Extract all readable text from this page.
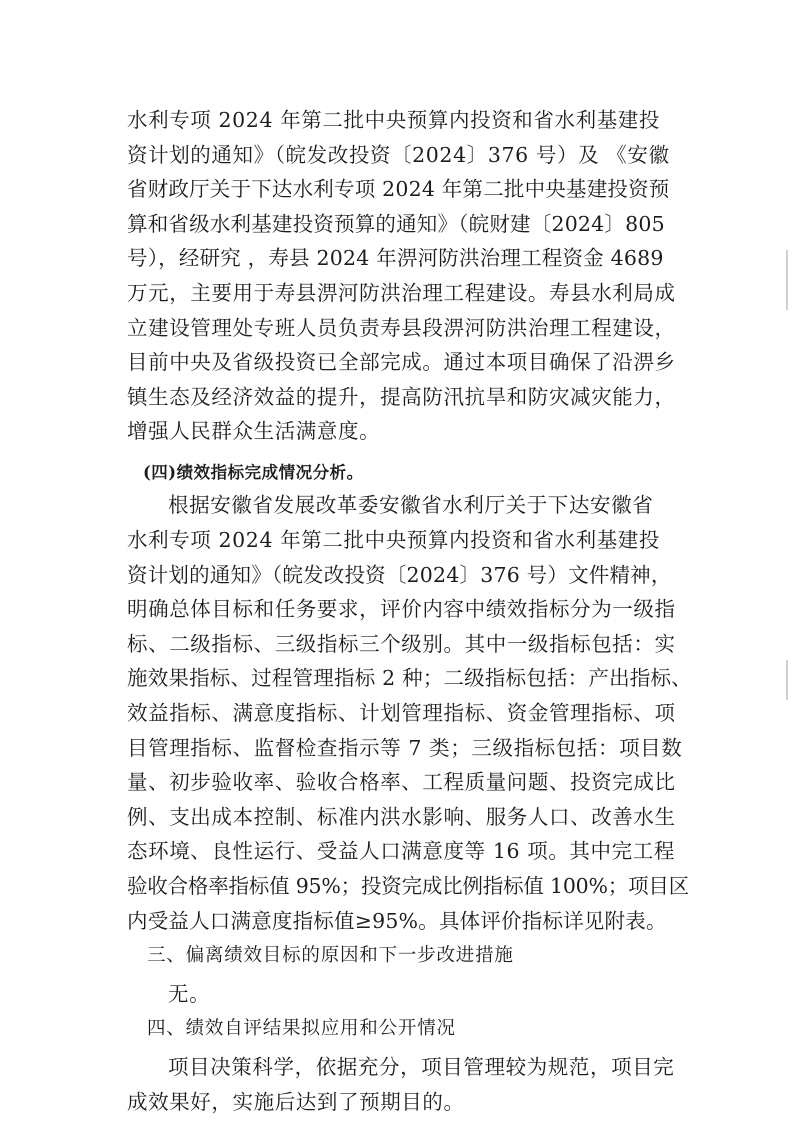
水利专项 2024 年第二批中央预算内投资和省水利基建投

资计划的通知》（皖发改投资〔2024〕376 号）及 《安徽

省财政厅关于下达水利专项 2024 年第二批中央基建投资预

算和省级水利基建投资预算的通知》（皖财建〔2024〕805

号），经研究 ，寿县 2024 年淠河防洪治理工程资金 4689

万元，主要用于寿县淠河防洪治理工程建设。寿县水利局成

立建设管理处专班人员负责寿县段淠河防洪治理工程建设，

目前中央及省级投资已全部完成。通过本项目确保了沿淠乡

镇生态及经济效益的提升，提高防汛抗旱和防灾减灾能力，

增强人民群众生活满意度。

(四)绩效指标完成情况分析。

根据安徽省发展改革委安徽省水利厅关于下达安徽省

水利专项 2024 年第二批中央预算内投资和省水利基建投

资计划的通知》（皖发改投资〔2024〕376 号）文件精神，

明确总体目标和任务要求，评价内容中绩效指标分为一级指

标、二级指标、三级指标三个级别。其中一级指标包括：实

施效果指标、过程管理指标 2 种；二级指标包括：产出指标、

效益指标、满意度指标、计划管理指标、资金管理指标、项

目管理指标、监督检查指示等 7 类；三级指标包括：项目数

量、初步验收率、验收合格率、工程质量问题、投资完成比

例、支出成本控制、标准内洪水影响、服务人口、改善水生

态环境、良性运行、受益人口满意度等 16 项。其中完工程

验收合格率指标值 95%；投资完成比例指标值 100%；项目区

内受益人口满意度指标值≥95%。具体评价指标详见附表。

三、偏离绩效目标的原因和下一步改进措施

无。

四、绩效自评结果拟应用和公开情况

项目决策科学，依据充分，项目管理较为规范，项目完

成效果好，实施后达到了预期目的。
